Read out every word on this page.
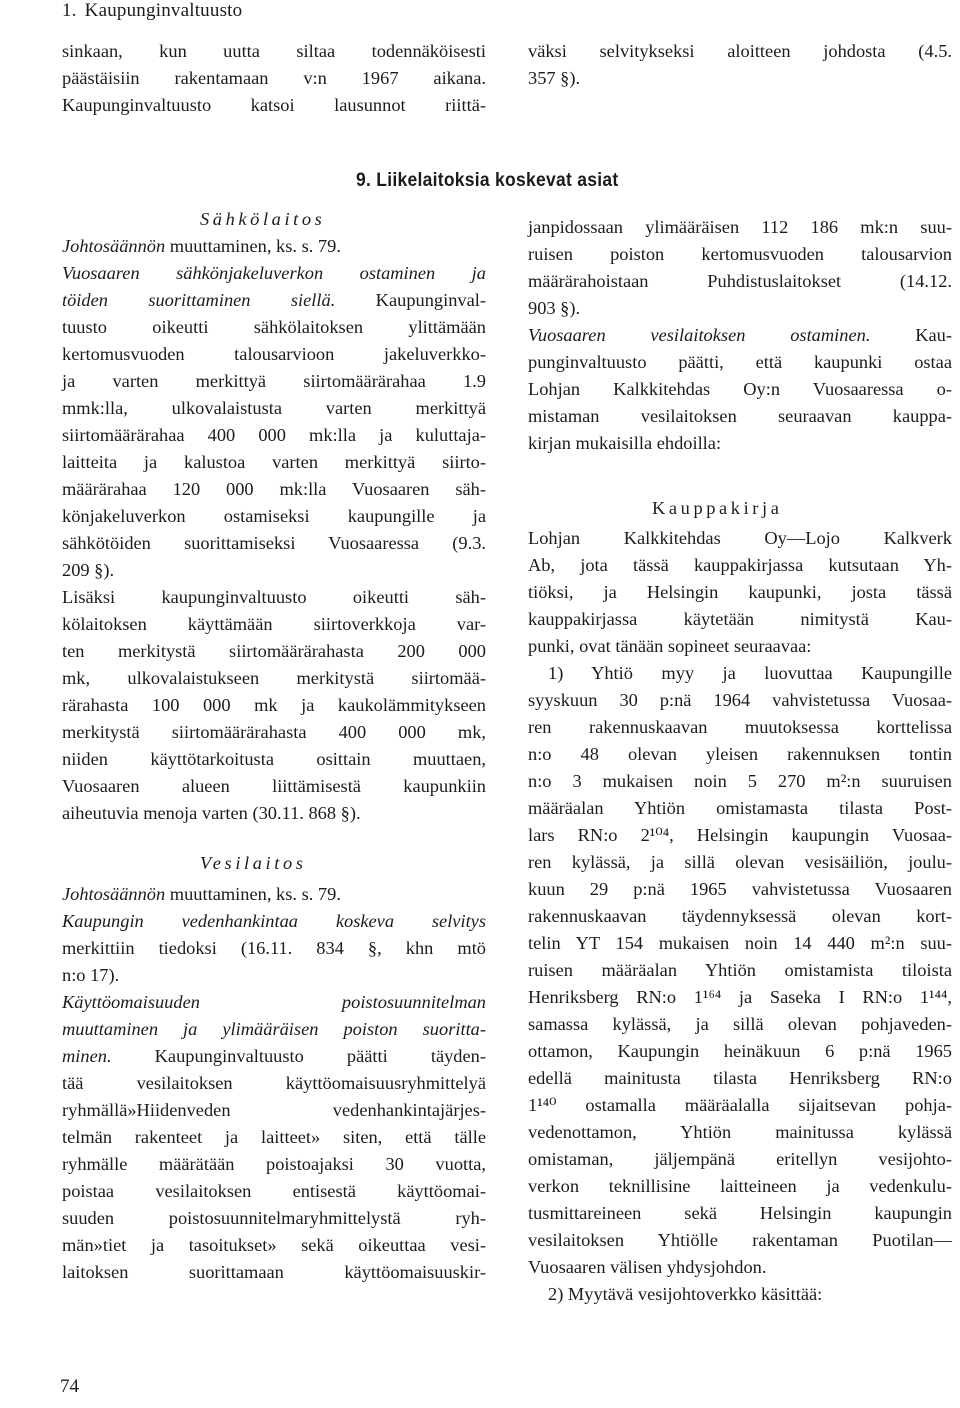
1. Kaupunginvaltuusto
sinkaan, kun uutta siltaa todennäköisesti
päästäisiin rakentamaan v:n 1967 aikana.
Kaupunginvaltuusto katsoi lausunnot riittä-
väksi selvitykseksi aloitteen johdosta (4.5.
357 §).
9. Liikelaitoksia koskevat asiat
Sähkölaitos
Johtosäännön muuttaminen, ks. s. 79.
Vuosaaren sähkönjakeluverkon ostaminen ja
töiden suorittaminen siellä. Kaupunginval-
tuusto oikeutti sähkölaitoksen ylittämään
kertomusvuoden talousarvioon jakeluverkko-
ja varten merkittyä siirtomäärärahaa 1.9
mmk:lla, ulkovalaistusta varten merkittyä
siirtomäärärahaa 400 000 mk:lla ja kuluttaja-
laitteita ja kalustoa varten merkittyä siirto-
määrärahaa 120 000 mk:lla Vuosaaren säh-
könjakeluverkon ostamiseksi kaupungille ja
sähkötöiden suorittamiseksi Vuosaaressa (9.3.
209 §).
Lisäksi kaupunginvaltuusto oikeutti säh-
kölaitoksen käyttämään siirtoverkkoja var-
ten merkitystä siirtomäärärahasta 200 000
mk, ulkovalaistukseen merkitystä siirtomää-
rärahasta 100 000 mk ja kaukolämmitykseen
merkitystä siirtomäärärahasta 400 000 mk,
niiden käyttötarkoitusta osittain muuttaen,
Vuosaaren alueen liittämisestä kaupunkiin
aiheutuvia menoja varten (30.11. 868 §).
Vesilaitos
Johtosäännön muuttaminen, ks. s. 79.
Kaupungin vedenhankintaa koskeva selvitys
merkittiin tiedoksi (16.11. 834 §, khn mtö
n:o 17).
Käyttöomaisuuden poistosuunnitelman
muuttaminen ja ylimääräisen poiston suoritta-
minen. Kaupunginvaltuusto päätti täyden-
tää vesilaitoksen käyttöomaisuusryhmittelyä
ryhmällä»Hiidenveden vedenhankintajärjes-
telmän rakenteet ja laitteet» siten, että tälle
ryhmälle määrätään poistoajaksi 30 vuotta,
poistaa vesilaitoksen entisestä käyttöomai-
suuden poistosuunnitelmaryhmittelystä ryh-
män»tiet ja tasoitukset» sekä oikeuttaa vesi-
laitoksen suorittamaan käyttöomaisuuskir-
janpidossaan ylimääräisen 112 186 mk:n suu-
ruisen poiston kertomusvuoden talousarvion
määrärahoistaan Puhdistuslaitokset (14.12.
903 §).
Vuosaaren vesilaitoksen ostaminen. Kau-
punginvaltuusto päätti, että kaupunki ostaa
Lohjan Kalkkitehdas Oy:n Vuosaaressa o-
mistaman vesilaitoksen seuraavan kauppa-
kirjan mukaisilla ehdoilla:
Kauppakirja
Lohjan Kalkkitehdas Oy—Lojo Kalkverk
Ab, jota tässä kauppakirjassa kutsutaan Yh-
tiöksi, ja Helsingin kaupunki, josta tässä
kauppakirjassa käytetään nimitystä Kau-
punki, ovat tänään sopineet seuraavaa:
1) Yhtiö myy ja luovuttaa Kaupungille
syyskuun 30 p:nä 1964 vahvistetussa Vuosaa-
ren rakennuskaavan muutoksessa korttelissa
n:o 48 olevan yleisen rakennuksen tontin
n:o 3 mukaisen noin 5 270 m²:n suuruisen
määräalan Yhtiön omistamasta tilasta Post-
lars RN:o 2¹⁰⁴, Helsingin kaupungin Vuosaa-
ren kylässä, ja sillä olevan vesisäiliön, joulu-
kuun 29 p:nä 1965 vahvistetussa Vuosaaren
rakennuskaavan täydennyksessä olevan kort-
telin YT 154 mukaisen noin 14 440 m²:n suu-
ruisen määräalan Yhtiön omistamista tiloista
Henriksberg RN:o 1¹⁶⁴ ja Saseka I RN:o 1¹⁴⁴,
samassa kylässä, ja sillä olevan pohjaveden-
ottamon, Kaupungin heinäkuun 6 p:nä 1965
edellä mainitusta tilasta Henriksberg RN:o
1¹⁴⁰ ostamalla määräalalla sijaitsevan pohja-
vedenottamon, Yhtiön mainitussa kylässä
omistaman, jäljempänä eritellyn vesijohto-
verkon teknillisine laitteineen ja vedenkulu-
tusmittareineen sekä Helsingin kaupungin
vesilaitoksen Yhtiölle rakentaman Puotilan—
Vuosaaren välisen yhdysjohdon.
2) Myytävä vesijohtoverkko käsittää:
74
